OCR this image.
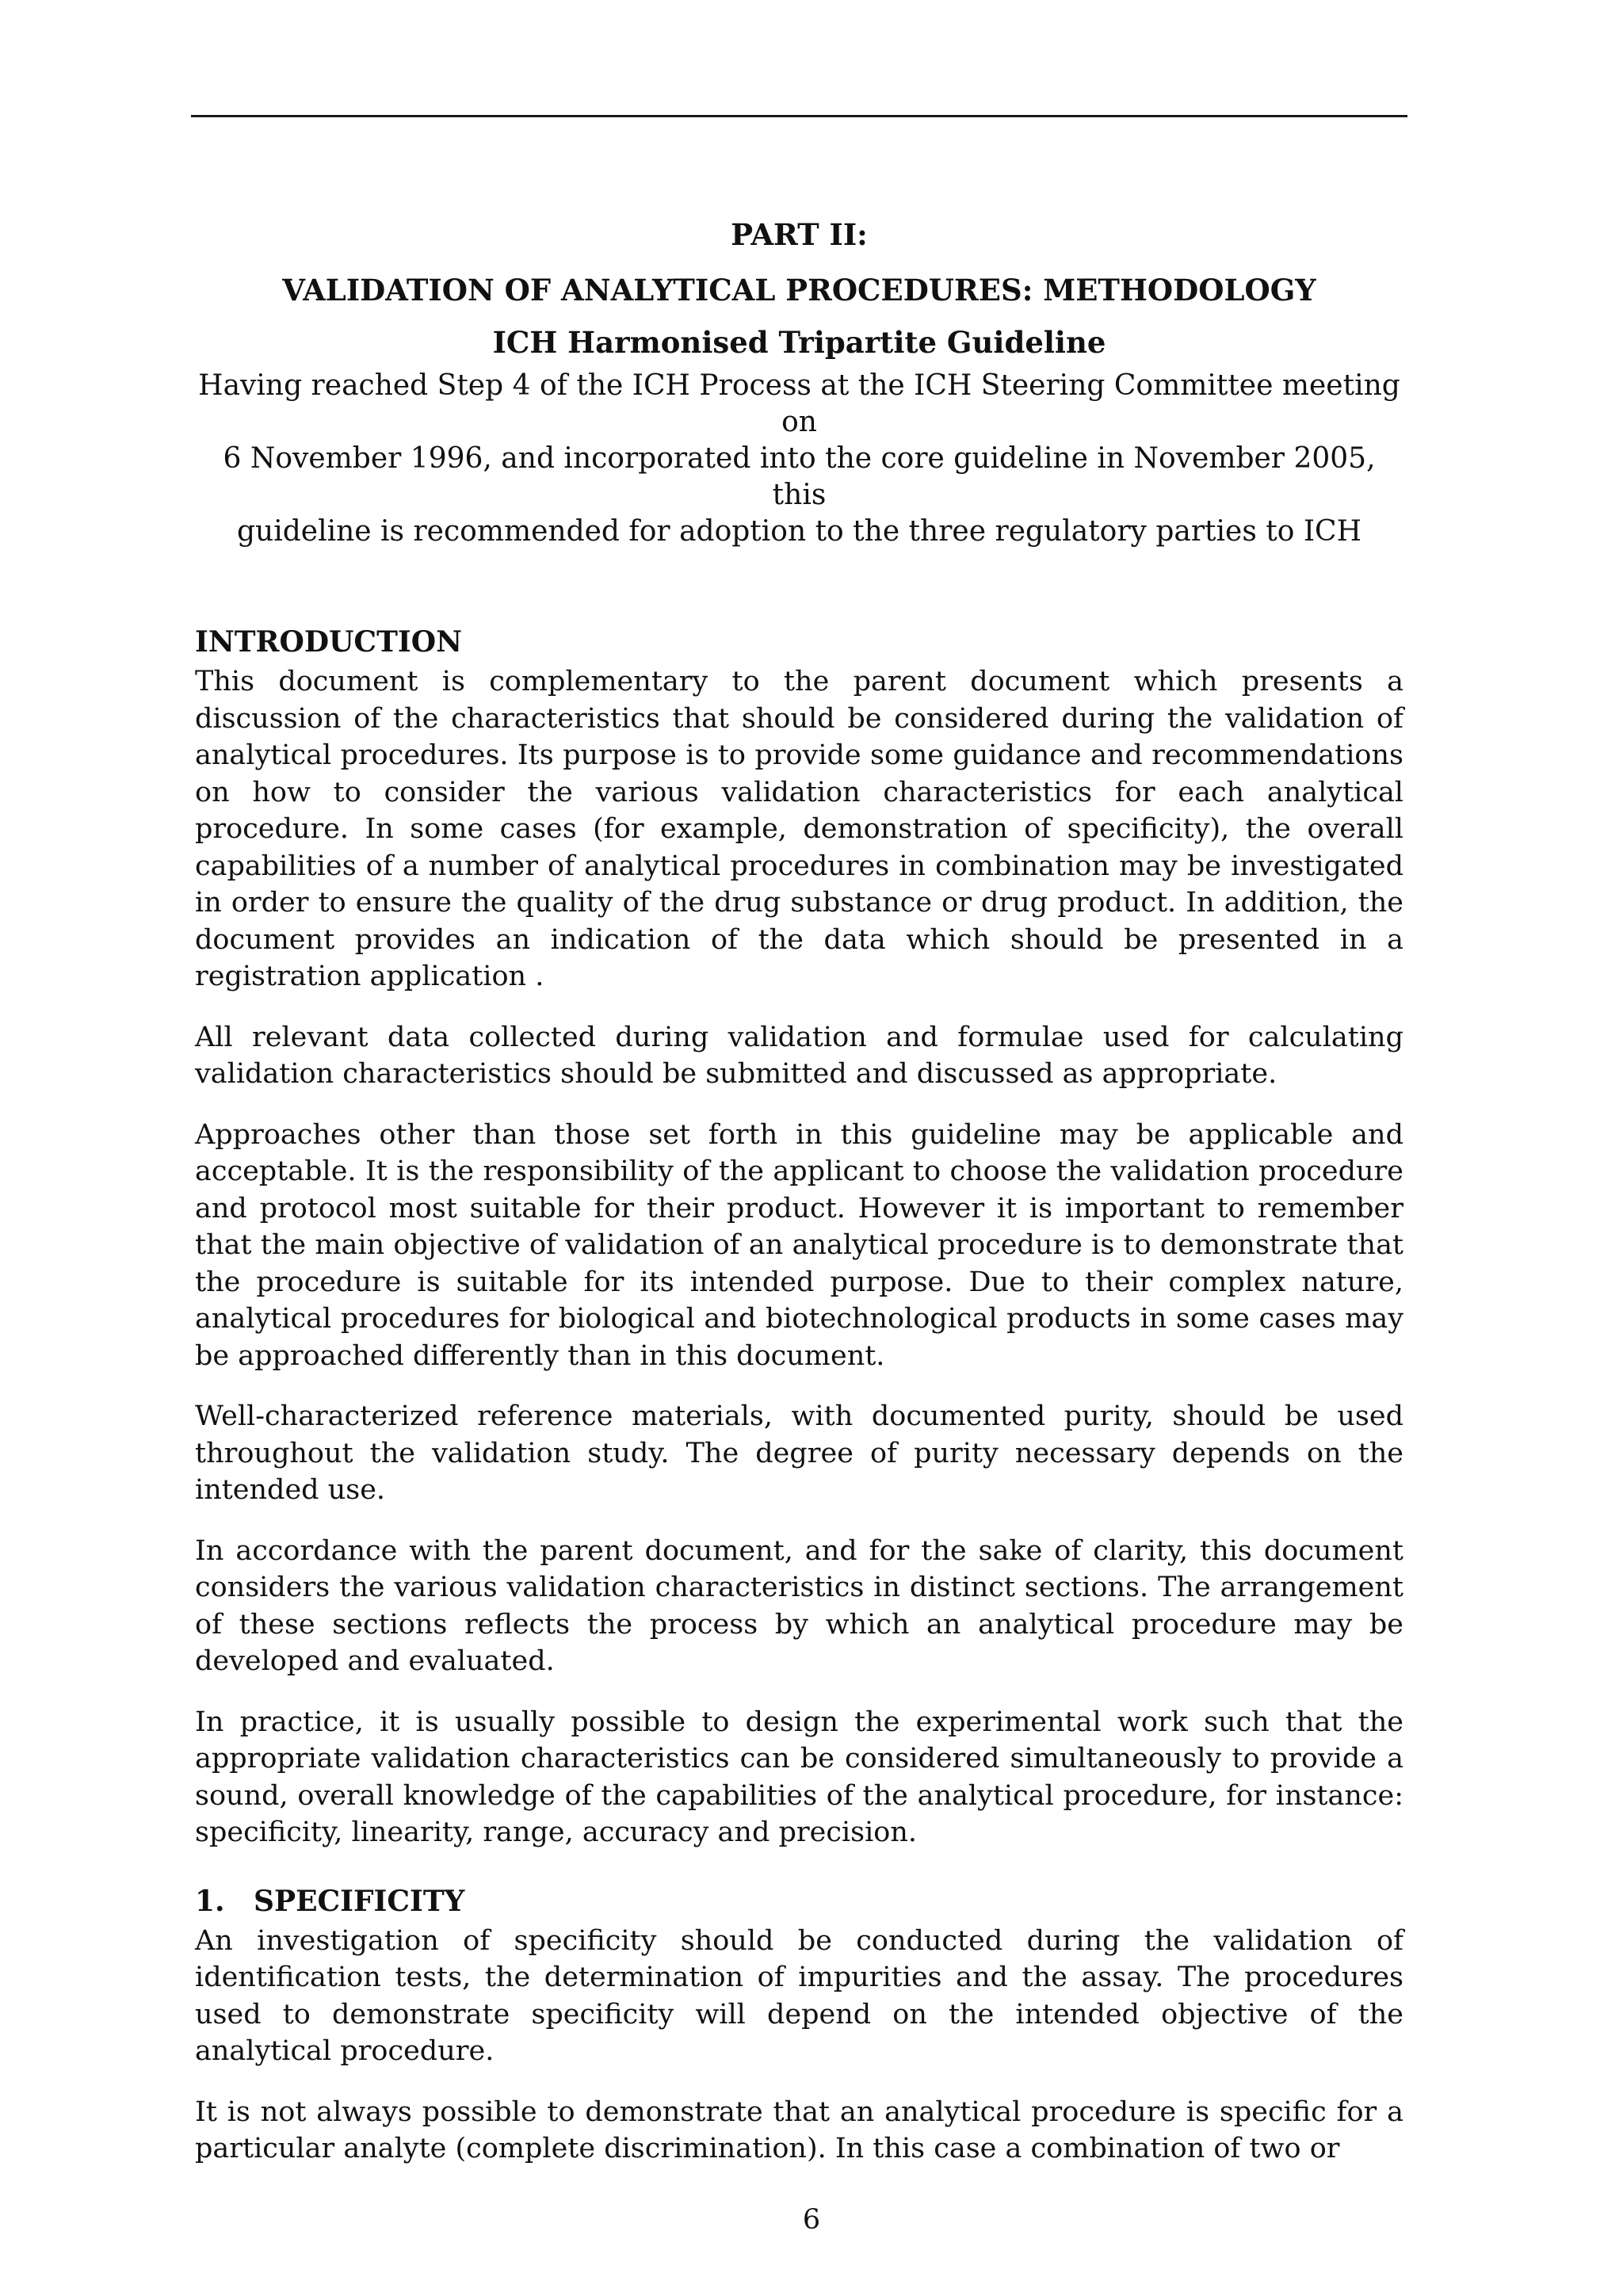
PART II:
VALIDATION OF ANALYTICAL PROCEDURES: METHODOLOGY
ICH Harmonised Tripartite Guideline
Having reached Step 4 of the ICH Process at the ICH Steering Committee meeting on
6 November 1996, and incorporated into the core guideline in November 2005, this
guideline is recommended for adoption to the three regulatory parties to ICH
INTRODUCTION

This document is complementary to the parent document which presents a discussion of the characteristics that should be considered during the validation of analytical procedures. Its purpose is to provide some guidance and recommendations on how to consider the various validation characteristics for each analytical procedure. In some cases (for example, demonstration of specificity), the overall capabilities of a number of analytical procedures in combination may be investigated in order to ensure the quality of the drug substance or drug product. In addition, the document provides an indication of the data which should be presented in a registration application .

All relevant data collected during validation and formulae used for calculating validation characteristics should be submitted and discussed as appropriate.

Approaches other than those set forth in this guideline may be applicable and acceptable. It is the responsibility of the applicant to choose the validation procedure and protocol most suitable for their product. However it is important to remember that the main objective of validation of an analytical procedure is to demonstrate that the procedure is suitable for its intended purpose. Due to their complex nature, analytical procedures for biological and biotechnological products in some cases may be approached differently than in this document.

Well-characterized reference materials, with documented purity, should be used throughout the validation study. The degree of purity necessary depends on the intended use.

In accordance with the parent document, and for the sake of clarity, this document considers the various validation characteristics in distinct sections. The arrangement of these sections reflects the process by which an analytical procedure may be developed and evaluated.

In practice, it is usually possible to design the experimental work such that the appropriate validation characteristics can be considered simultaneously to provide a sound, overall knowledge of the capabilities of the analytical procedure, for instance: specificity, linearity, range, accuracy and precision.

1. SPECIFICITY

An investigation of specificity should be conducted during the validation of identification tests, the determination of impurities and the assay. The procedures used to demonstrate specificity will depend on the intended objective of the analytical procedure.

It is not always possible to demonstrate that an analytical procedure is specific for a particular analyte (complete discrimination). In this case a combination of two or

6
